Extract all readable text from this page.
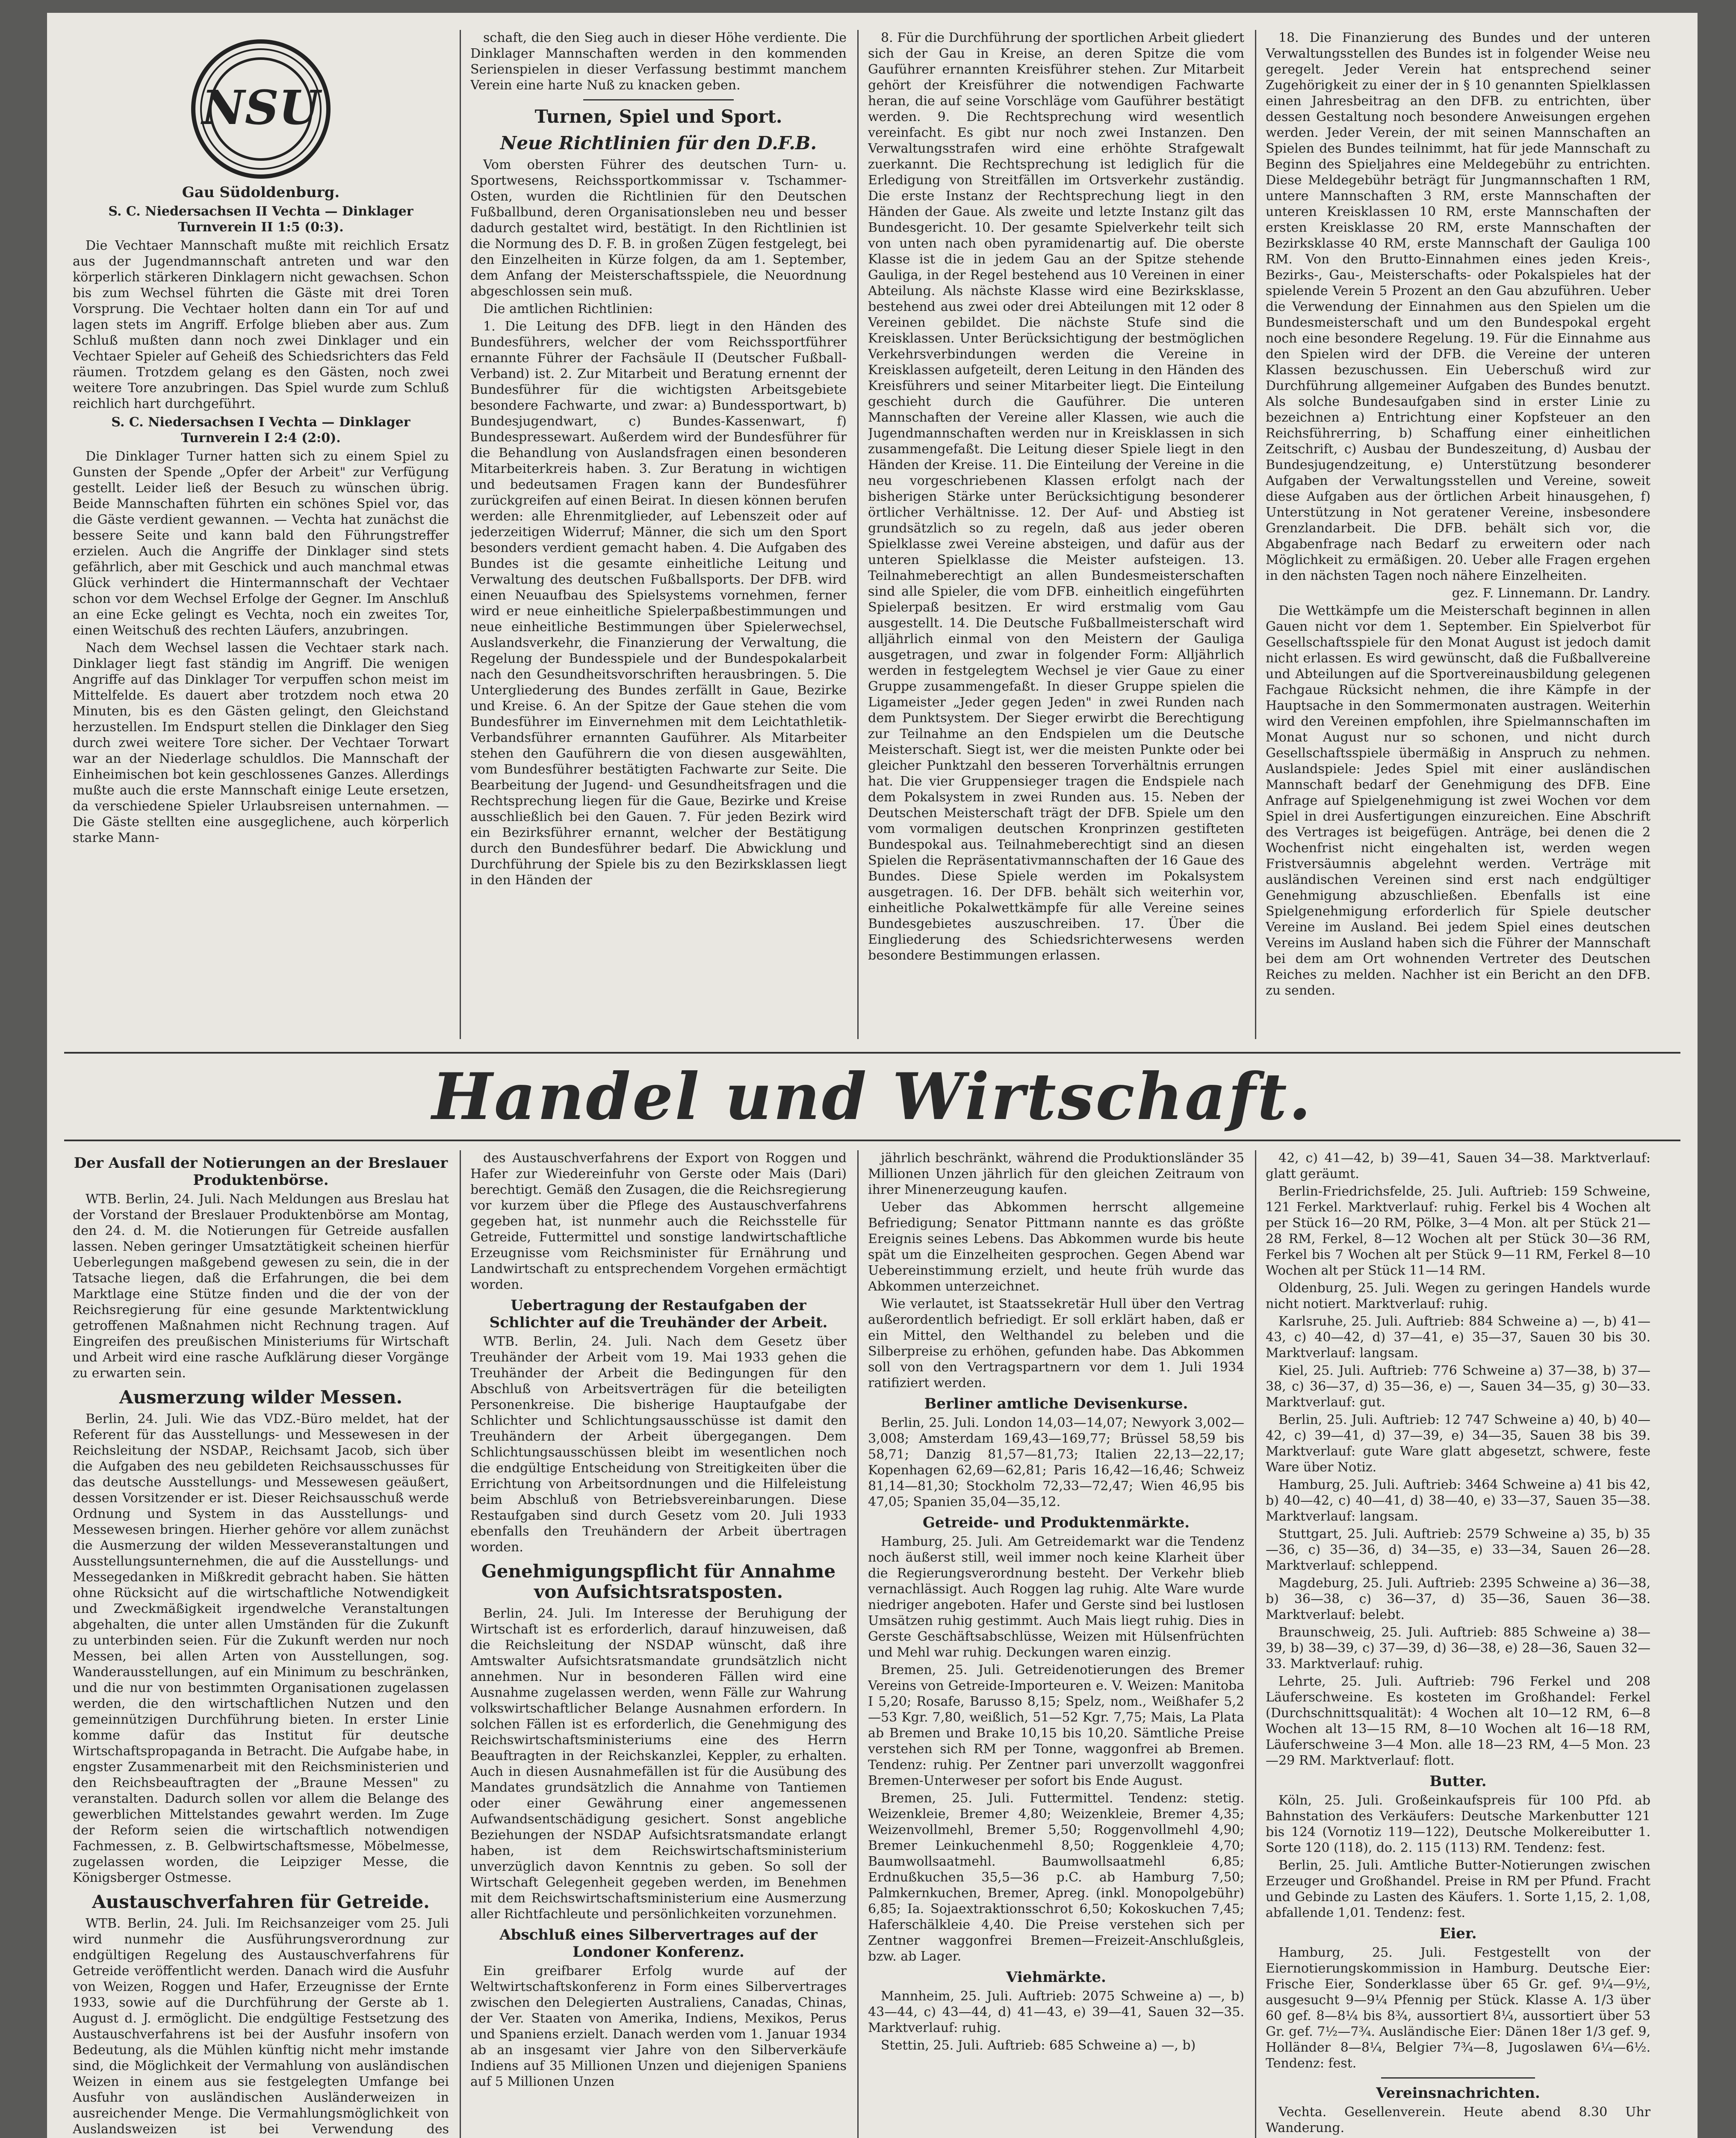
NSU
Gau Südoldenburg.

S. C. Niedersachsen II Vechta — Dinklager Turnverein II 1:5 (0:3).

Die Vechtaer Mannschaft mußte mit reichlich Ersatz aus der Jugendmannschaft antreten und war den körperlich stärkeren Dinklagern nicht gewachsen. Schon bis zum Wechsel führten die Gäste mit drei Toren Vorsprung. Die Vechtaer holten dann ein Tor auf und lagen stets im Angriff. Erfolge blieben aber aus. Zum Schluß mußten dann noch zwei Dinklager und ein Vechtaer Spieler auf Geheiß des Schiedsrichters das Feld räumen. Trotzdem gelang es den Gästen, noch zwei weitere Tore anzubringen. Das Spiel wurde zum Schluß reichlich hart durchgeführt.

S. C. Niedersachsen I Vechta — Dinklager Turnverein I 2:4 (2:0).

Die Dinklager Turner hatten sich zu einem Spiel zu Gunsten der Spende „Opfer der Arbeit" zur Verfügung gestellt. Leider ließ der Besuch zu wünschen übrig. Beide Mannschaften führten ein schönes Spiel vor, das die Gäste verdient gewannen. — Vechta hat zunächst die bessere Seite und kann bald den Führungstreffer erzielen. Auch die Angriffe der Dinklager sind stets gefährlich, aber mit Geschick und auch manchmal etwas Glück verhindert die Hintermannschaft der Vechtaer schon vor dem Wechsel Erfolge der Gegner. Im Anschluß an eine Ecke gelingt es Vechta, noch ein zweites Tor, einen Weitschuß des rechten Läufers, anzubringen.

Nach dem Wechsel lassen die Vechtaer stark nach. Dinklager liegt fast ständig im Angriff. Die wenigen Angriffe auf das Dinklager Tor verpuffen schon meist im Mittelfelde. Es dauert aber trotzdem noch etwa 20 Minuten, bis es den Gästen gelingt, den Gleichstand herzustellen. Im Endspurt stellen die Dinklager den Sieg durch zwei weitere Tore sicher. Der Vechtaer Torwart war an der Niederlage schuldlos. Die Mannschaft der Einheimischen bot kein geschlossenes Ganzes. Allerdings mußte auch die erste Mannschaft einige Leute ersetzen, da verschiedene Spieler Urlaubsreisen unternahmen. — Die Gäste stellten eine ausgeglichene, auch körperlich starke Mann-

schaft, die den Sieg auch in dieser Höhe verdiente. Die Dinklager Mannschaften werden in den kommenden Serienspielen in dieser Verfassung bestimmt manchem Verein eine harte Nuß zu knacken geben.

Turnen, Spiel und Sport.
Neue Richtlinien für den D.F.B.

Vom obersten Führer des deutschen Turn- u. Sportwesens, Reichssportkommissar v. Tschammer-Osten, wurden die Richtlinien für den Deutschen Fußballbund, deren Organisationsleben neu und besser dadurch gestaltet wird, bestätigt. In den Richtlinien ist die Normung des D. F. B. in großen Zügen festgelegt, bei den Einzelheiten in Kürze folgen, da am 1. September, dem Anfang der Meisterschaftsspiele, die Neuordnung abgeschlossen sein muß.

Die amtlichen Richtlinien:

1. Die Leitung des DFB. liegt in den Händen des Bundesführers, welcher der vom Reichssportführer ernannte Führer der Fachsäule II (Deutscher Fußball-Verband) ist. 2. Zur Mitarbeit und Beratung ernennt der Bundesführer für die wichtigsten Arbeitsgebiete besondere Fachwarte, und zwar: a) Bundessportwart, b) Bundesjugendwart, c) Bundes-Kassenwart, f) Bundespressewart. Außerdem wird der Bundesführer für die Behandlung von Auslandsfragen einen besonderen Mitarbeiterkreis haben. 3. Zur Beratung in wichtigen und bedeutsamen Fragen kann der Bundesführer zurückgreifen auf einen Beirat. In diesen können berufen werden: alle Ehrenmitglieder, auf Lebenszeit oder auf jederzeitigen Widerruf; Männer, die sich um den Sport besonders verdient gemacht haben. 4. Die Aufgaben des Bundes ist die gesamte einheitliche Leitung und Verwaltung des deutschen Fußballsports. Der DFB. wird einen Neuaufbau des Spielsystems vornehmen, ferner wird er neue einheitliche Spielerpaßbestimmungen und neue einheitliche Bestimmungen über Spielerwechsel, Auslandsverkehr, die Finanzierung der Verwaltung, die Regelung der Bundesspiele und der Bundespokalarbeit nach den Gesundheitsvorschriften herausbringen. 5. Die Untergliederung des Bundes zerfällt in Gaue, Bezirke und Kreise. 6. An der Spitze der Gaue stehen die vom Bundesführer im Einvernehmen mit dem Leichtathletik-Verbandsführer ernannten Gauführer. Als Mitarbeiter stehen den Gauführern die von diesen ausgewählten, vom Bundesführer bestätigten Fachwarte zur Seite. Die Bearbeitung der Jugend- und Gesundheitsfragen und die Rechtsprechung liegen für die Gaue, Bezirke und Kreise ausschließlich bei den Gauen. 7. Für jeden Bezirk wird ein Bezirksführer ernannt, welcher der Bestätigung durch den Bundesführer bedarf. Die Abwicklung und Durchführung der Spiele bis zu den Bezirksklassen liegt in den Händen der

8. Für die Durchführung der sportlichen Arbeit gliedert sich der Gau in Kreise, an deren Spitze die vom Gauführer ernannten Kreisführer stehen. Zur Mitarbeit gehört der Kreisführer die notwendigen Fachwarte heran, die auf seine Vorschläge vom Gauführer bestätigt werden. 9. Die Rechtsprechung wird wesentlich vereinfacht. Es gibt nur noch zwei Instanzen. Den Verwaltungsstrafen wird eine erhöhte Strafgewalt zuerkannt. Die Rechtsprechung ist lediglich für die Erledigung von Streitfällen im Ortsverkehr zuständig. Die erste Instanz der Rechtsprechung liegt in den Händen der Gaue. Als zweite und letzte Instanz gilt das Bundesgericht. 10. Der gesamte Spielverkehr teilt sich von unten nach oben pyramidenartig auf. Die oberste Klasse ist die in jedem Gau an der Spitze stehende Gauliga, in der Regel bestehend aus 10 Vereinen in einer Abteilung. Als nächste Klasse wird eine Bezirksklasse, bestehend aus zwei oder drei Abteilungen mit 12 oder 8 Vereinen gebildet. Die nächste Stufe sind die Kreisklassen. Unter Berücksichtigung der bestmöglichen Verkehrsverbindungen werden die Vereine in Kreisklassen aufgeteilt, deren Leitung in den Händen des Kreisführers und seiner Mitarbeiter liegt. Die Einteilung geschieht durch die Gauführer. Die unteren Mannschaften der Vereine aller Klassen, wie auch die Jugendmannschaften werden nur in Kreisklassen in sich zusammengefaßt. Die Leitung dieser Spiele liegt in den Händen der Kreise. 11. Die Einteilung der Vereine in die neu vorgeschriebenen Klassen erfolgt nach der bisherigen Stärke unter Berücksichtigung besonderer örtlicher Verhältnisse. 12. Der Auf- und Abstieg ist grundsätzlich so zu regeln, daß aus jeder oberen Spielklasse zwei Vereine absteigen, und dafür aus der unteren Spielklasse die Meister aufsteigen. 13. Teilnahmeberechtigt an allen Bundesmeisterschaften sind alle Spieler, die vom DFB. einheitlich eingeführten Spielerpaß besitzen. Er wird erstmalig vom Gau ausgestellt. 14. Die Deutsche Fußballmeisterschaft wird alljährlich einmal von den Meistern der Gauliga ausgetragen, und zwar in folgender Form: Alljährlich werden in festgelegtem Wechsel je vier Gaue zu einer Gruppe zusammengefaßt. In dieser Gruppe spielen die Ligameister „Jeder gegen Jeden" in zwei Runden nach dem Punktsystem. Der Sieger erwirbt die Berechtigung zur Teilnahme an den Endspielen um die Deutsche Meisterschaft. Siegt ist, wer die meisten Punkte oder bei gleicher Punktzahl den besseren Torverhältnis errungen hat. Die vier Gruppensieger tragen die Endspiele nach dem Pokalsystem in zwei Runden aus. 15. Neben der Deutschen Meisterschaft trägt der DFB. Spiele um den vom vormaligen deutschen Kronprinzen gestifteten Bundespokal aus. Teilnahmeberechtigt sind an diesen Spielen die Repräsentativmannschaften der 16 Gaue des Bundes. Diese Spiele werden im Pokalsystem ausgetragen. 16. Der DFB. behält sich weiterhin vor, einheitliche Pokalwettkämpfe für alle Vereine seines Bundesgebietes auszuschreiben. 17. Über die Eingliederung des Schiedsrichterwesens werden besondere Bestimmungen erlassen.

18. Die Finanzierung des Bundes und der unteren Verwaltungsstellen des Bundes ist in folgender Weise neu geregelt. Jeder Verein hat entsprechend seiner Zugehörigkeit zu einer der in § 10 genannten Spielklassen einen Jahresbeitrag an den DFB. zu entrichten, über dessen Gestaltung noch besondere Anweisungen ergehen werden. Jeder Verein, der mit seinen Mannschaften an Spielen des Bundes teilnimmt, hat für jede Mannschaft zu Beginn des Spieljahres eine Meldegebühr zu entrichten. Diese Meldegebühr beträgt für Jungmannschaften 1 RM, untere Mannschaften 3 RM, erste Mannschaften der unteren Kreisklassen 10 RM, erste Mannschaften der ersten Kreisklasse 20 RM, erste Mannschaften der Bezirksklasse 40 RM, erste Mannschaft der Gauliga 100 RM. Von den Brutto-Einnahmen eines jeden Kreis-, Bezirks-, Gau-, Meisterschafts- oder Pokalspieles hat der spielende Verein 5 Prozent an den Gau abzuführen. Ueber die Verwendung der Einnahmen aus den Spielen um die Bundesmeisterschaft und um den Bundespokal ergeht noch eine besondere Regelung. 19. Für die Einnahme aus den Spielen wird der DFB. die Vereine der unteren Klassen bezuschussen. Ein Ueberschuß wird zur Durchführung allgemeiner Aufgaben des Bundes benutzt. Als solche Bundesaufgaben sind in erster Linie zu bezeichnen a) Entrichtung einer Kopfsteuer an den Reichsführerring, b) Schaffung einer einheitlichen Zeitschrift, c) Ausbau der Bundeszeitung, d) Ausbau der Bundesjugendzeitung, e) Unterstützung besonderer Aufgaben der Verwaltungsstellen und Vereine, soweit diese Aufgaben aus der örtlichen Arbeit hinausgehen, f) Unterstützung in Not geratener Vereine, insbesondere Grenzlandarbeit. Die DFB. behält sich vor, die Abgabenfrage nach Bedarf zu erweitern oder nach Möglichkeit zu ermäßigen. 20. Ueber alle Fragen ergehen in den nächsten Tagen noch nähere Einzelheiten.

gez. F. Linnemann. Dr. Landry.

Die Wettkämpfe um die Meisterschaft beginnen in allen Gauen nicht vor dem 1. September. Ein Spielverbot für Gesellschaftsspiele für den Monat August ist jedoch damit nicht erlassen. Es wird gewünscht, daß die Fußballvereine und Abteilungen auf die Sportvereinausbildung gelegenen Fachgaue Rücksicht nehmen, die ihre Kämpfe in der Hauptsache in den Sommermonaten austragen. Weiterhin wird den Vereinen empfohlen, ihre Spielmannschaften im Monat August nur so schonen, und nicht durch Gesellschaftsspiele übermäßig in Anspruch zu nehmen. Auslandspiele: Jedes Spiel mit einer ausländischen Mannschaft bedarf der Genehmigung des DFB. Eine Anfrage auf Spielgenehmigung ist zwei Wochen vor dem Spiel in drei Ausfertigungen einzureichen. Eine Abschrift des Vertrages ist beigefügen. Anträge, bei denen die 2 Wochenfrist nicht eingehalten ist, werden wegen Fristversäumnis abgelehnt werden. Verträge mit ausländischen Vereinen sind erst nach endgültiger Genehmigung abzuschließen. Ebenfalls ist eine Spielgenehmigung erforderlich für Spiele deutscher Vereine im Ausland. Bei jedem Spiel eines deutschen Vereins im Ausland haben sich die Führer der Mannschaft bei dem am Ort wohnenden Vertreter des Deutschen Reiches zu melden. Nachher ist ein Bericht an den DFB. zu senden.

Handel und Wirtschaft.
Der Ausfall der Notierungen an der Breslauer Produktenbörse.

WTB. Berlin, 24. Juli. Nach Meldungen aus Breslau hat der Vorstand der Breslauer Produktenbörse am Montag, den 24. d. M. die Notierungen für Getreide ausfallen lassen. Neben geringer Umsatztätigkeit scheinen hierfür Ueberlegungen maßgebend gewesen zu sein, die in der Tatsache liegen, daß die Erfahrungen, die bei dem Marktlage eine Stütze finden und die der von der Reichsregierung für eine gesunde Marktentwicklung getroffenen Maßnahmen nicht Rechnung tragen. Auf Eingreifen des preußischen Ministeriums für Wirtschaft und Arbeit wird eine rasche Aufklärung dieser Vorgänge zu erwarten sein.

Ausmerzung wilder Messen.

Berlin, 24. Juli. Wie das VDZ.-Büro meldet, hat der Referent für das Ausstellungs- und Messewesen in der Reichsleitung der NSDAP., Reichsamt Jacob, sich über die Aufgaben des neu gebildeten Reichsausschusses für das deutsche Ausstellungs- und Messewesen geäußert, dessen Vorsitzender er ist. Dieser Reichsausschuß werde Ordnung und System in das Ausstellungs- und Messewesen bringen. Hierher gehöre vor allem zunächst die Ausmerzung der wilden Messeveranstaltungen und Ausstellungsunternehmen, die auf die Ausstellungs- und Messegedanken in Mißkredit gebracht haben. Sie hätten ohne Rücksicht auf die wirtschaftliche Notwendigkeit und Zweckmäßigkeit irgendwelche Veranstaltungen abgehalten, die unter allen Umständen für die Zukunft zu unterbinden seien. Für die Zukunft werden nur noch Messen, bei allen Arten von Ausstellungen, sog. Wanderausstellungen, auf ein Minimum zu beschränken, und die nur von bestimmten Organisationen zugelassen werden, die den wirtschaftlichen Nutzen und den gemeinnützigen Durchführung bieten. In erster Linie komme dafür das Institut für deutsche Wirtschaftspropaganda in Betracht. Die Aufgabe habe, in engster Zusammenarbeit mit den Reichsministerien und den Reichsbeauftragten der „Braune Messen" zu veranstalten. Dadurch sollen vor allem die Belange des gewerblichen Mittelstandes gewahrt werden. Im Zuge der Reform seien die wirtschaftlich notwendigen Fachmessen, z. B. Gelbwirtschaftsmesse, Möbelmesse, zugelassen worden, die Leipziger Messe, die Königsberger Ostmesse.

Austauschverfahren für Getreide.

WTB. Berlin, 24. Juli. Im Reichsanzeiger vom 25. Juli wird nunmehr die Ausführungsverordnung zur endgültigen Regelung des Austauschverfahrens für Getreide veröffentlicht werden. Danach wird die Ausfuhr von Weizen, Roggen und Hafer, Erzeugnisse der Ernte 1933, sowie auf die Durchführung der Gerste ab 1. August d. J. ermöglicht. Die endgültige Festsetzung des Austauschverfahrens ist bei der Ausfuhr insofern von Bedeutung, als die Mühlen künftig nicht mehr imstande sind, die Möglichkeit der Vermahlung von ausländischen Weizen in einem aus sie festgelegten Umfange bei Ausfuhr von ausländischen Ausländerweizen in ausreichender Menge. Die Vermahlungsmöglichkeit von Auslandsweizen ist bei Verwendung des

des Austauschverfahrens der Export von Roggen und Hafer zur Wiedereinfuhr von Gerste oder Mais (Dari) berechtigt. Gemäß den Zusagen, die die Reichsregierung vor kurzem über die Pflege des Austauschverfahrens gegeben hat, ist nunmehr auch die Reichsstelle für Getreide, Futtermittel und sonstige landwirtschaftliche Erzeugnisse vom Reichsminister für Ernährung und Landwirtschaft zu entsprechendem Vorgehen ermächtigt worden.

Uebertragung der Restaufgaben der Schlichter auf die Treuhänder der Arbeit.

WTB. Berlin, 24. Juli. Nach dem Gesetz über Treuhänder der Arbeit vom 19. Mai 1933 gehen die Treuhänder der Arbeit die Bedingungen für den Abschluß von Arbeitsverträgen für die beteiligten Personenkreise. Die bisherige Hauptaufgabe der Schlichter und Schlichtungsausschüsse ist damit den Treuhändern der Arbeit übergegangen. Dem Schlichtungsausschüssen bleibt im wesentlichen noch die endgültige Entscheidung von Streitigkeiten über die Errichtung von Arbeitsordnungen und die Hilfeleistung beim Abschluß von Betriebsvereinbarungen. Diese Restaufgaben sind durch Gesetz vom 20. Juli 1933 ebenfalls den Treuhändern der Arbeit übertragen worden.

Genehmigungspflicht für Annahme von Aufsichtsratsposten.

Berlin, 24. Juli. Im Interesse der Beruhigung der Wirtschaft ist es erforderlich, darauf hinzuweisen, daß die Reichsleitung der NSDAP wünscht, daß ihre Amtswalter Aufsichtsratsmandate grundsätzlich nicht annehmen. Nur in besonderen Fällen wird eine Ausnahme zugelassen werden, wenn Fälle zur Wahrung volkswirtschaftlicher Belange Ausnahmen erfordern. In solchen Fällen ist es erforderlich, die Genehmigung des Reichswirtschaftsministeriums eine des Herrn Beauftragten in der Reichskanzlei, Keppler, zu erhalten. Auch in diesen Ausnahmefällen ist für die Ausübung des Mandates grundsätzlich die Annahme von Tantiemen oder einer Gewährung einer angemessenen Aufwandsentschädigung gesichert. Sonst angebliche Beziehungen der NSDAP Aufsichtsratsmandate erlangt haben, ist dem Reichswirtschaftsministerium unverzüglich davon Kenntnis zu geben. So soll der Wirtschaft Gelegenheit gegeben werden, im Benehmen mit dem Reichswirtschaftsministerium eine Ausmerzung aller Richtfachleute und persönlichkeiten vorzunehmen.

Abschluß eines Silbervertrages auf der Londoner Konferenz.

Ein greifbarer Erfolg wurde auf der Weltwirtschaftskonferenz in Form eines Silbervertrages zwischen den Delegierten Australiens, Canadas, Chinas, der Ver. Staaten von Amerika, Indiens, Mexikos, Perus und Spaniens erzielt. Danach werden vom 1. Januar 1934 ab an insgesamt vier Jahre von den Silberverkäufe Indiens auf 35 Millionen Unzen und diejenigen Spaniens auf 5 Millionen Unzen

jährlich beschränkt, während die Produktionsländer 35 Millionen Unzen jährlich für den gleichen Zeitraum von ihrer Minenerzeugung kaufen.

Ueber das Abkommen herrscht allgemeine Befriedigung; Senator Pittmann nannte es das größte Ereignis seines Lebens. Das Abkommen wurde bis heute spät um die Einzelheiten gesprochen. Gegen Abend war Uebereinstimmung erzielt, und heute früh wurde das Abkommen unterzeichnet.

Wie verlautet, ist Staatssekretär Hull über den Vertrag außerordentlich befriedigt. Er soll erklärt haben, daß er ein Mittel, den Welthandel zu beleben und die Silberpreise zu erhöhen, gefunden habe. Das Abkommen soll von den Vertragspartnern vor dem 1. Juli 1934 ratifiziert werden.

Berliner amtliche Devisenkurse.

Berlin, 25. Juli. London 14,03—14,07; Newyork 3,002—3,008; Amsterdam 169,43—169,77; Brüssel 58,59 bis 58,71; Danzig 81,57—81,73; Italien 22,13—22,17; Kopenhagen 62,69—62,81; Paris 16,42—16,46; Schweiz 81,14—81,30; Stockholm 72,33—72,47; Wien 46,95 bis 47,05; Spanien 35,04—35,12.

Getreide- und Produktenmärkte.

Hamburg, 25. Juli. Am Getreidemarkt war die Tendenz noch äußerst still, weil immer noch keine Klarheit über die Regierungsverordnung besteht. Der Verkehr blieb vernachlässigt. Auch Roggen lag ruhig. Alte Ware wurde niedriger angeboten. Hafer und Gerste sind bei lustlosen Umsätzen ruhig gestimmt. Auch Mais liegt ruhig. Dies in Gerste Geschäftsabschlüsse, Weizen mit Hülsenfrüchten und Mehl war ruhig. Deckungen waren einzig.

Bremen, 25. Juli. Getreidenotierungen des Bremer Vereins von Getreide-Importeuren e. V. Weizen: Manitoba I 5,20; Rosafe, Barusso 8,15; Spelz, nom., Weißhafer 5,2—53 Kgr. 7,80, weißlich, 51—52 Kgr. 7,75; Mais, La Plata ab Bremen und Brake 10,15 bis 10,20. Sämtliche Preise verstehen sich RM per Tonne, waggonfrei ab Bremen. Tendenz: ruhig. Per Zentner pari unverzollt waggonfrei Bremen-Unterweser per sofort bis Ende August.

Bremen, 25. Juli. Futtermittel. Tendenz: stetig. Weizenkleie, Bremer 4,80; Weizenkleie, Bremer 4,35; Weizenvollmehl, Bremer 5,50; Roggenvollmehl 4,90; Bremer Leinkuchenmehl 8,50; Roggenkleie 4,70; Baumwollsaatmehl. Baumwollsaatmehl 6,85; Erdnußkuchen 35,5—36 p.C. ab Hamburg 7,50; Palmkernkuchen, Bremer, Apreg. (inkl. Monopolgebühr) 6,85; Ia. Sojaextraktionsschrot 6,50; Kokoskuchen 7,45; Haferschälkleie 4,40. Die Preise verstehen sich per Zentner waggonfrei Bremen—Freizeit-Anschlußgleis, bzw. ab Lager.

Viehmärkte.

Mannheim, 25. Juli. Auftrieb: 2075 Schweine a) —, b) 43—44, c) 43—44, d) 41—43, e) 39—41, Sauen 32—35. Marktverlauf: ruhig.

Stettin, 25. Juli. Auftrieb: 685 Schweine a) —, b)

42, c) 41—42, b) 39—41, Sauen 34—38. Marktverlauf: glatt geräumt.

Berlin-Friedrichsfelde, 25. Juli. Auftrieb: 159 Schweine, 121 Ferkel. Marktverlauf: ruhig. Ferkel bis 4 Wochen alt per Stück 16—20 RM, Pölke, 3—4 Mon. alt per Stück 21—28 RM, Ferkel, 8—12 Wochen alt per Stück 30—36 RM, Ferkel bis 7 Wochen alt per Stück 9—11 RM, Ferkel 8—10 Wochen alt per Stück 11—14 RM.

Oldenburg, 25. Juli. Wegen zu geringen Handels wurde nicht notiert. Marktverlauf: ruhig.

Karlsruhe, 25. Juli. Auftrieb: 884 Schweine a) —, b) 41—43, c) 40—42, d) 37—41, e) 35—37, Sauen 30 bis 30. Marktverlauf: langsam.

Kiel, 25. Juli. Auftrieb: 776 Schweine a) 37—38, b) 37—38, c) 36—37, d) 35—36, e) —, Sauen 34—35, g) 30—33. Marktverlauf: gut.

Berlin, 25. Juli. Auftrieb: 12 747 Schweine a) 40, b) 40—42, c) 39—41, d) 37—39, e) 34—35, Sauen 38 bis 39. Marktverlauf: gute Ware glatt abgesetzt, schwere, feste Ware über Notiz.

Hamburg, 25. Juli. Auftrieb: 3464 Schweine a) 41 bis 42, b) 40—42, c) 40—41, d) 38—40, e) 33—37, Sauen 35—38. Marktverlauf: langsam.

Stuttgart, 25. Juli. Auftrieb: 2579 Schweine a) 35, b) 35—36, c) 35—36, d) 34—35, e) 33—34, Sauen 26—28. Marktverlauf: schleppend.

Magdeburg, 25. Juli. Auftrieb: 2395 Schweine a) 36—38, b) 36—38, c) 36—37, d) 35—36, Sauen 36—38. Marktverlauf: belebt.

Braunschweig, 25. Juli. Auftrieb: 885 Schweine a) 38—39, b) 38—39, c) 37—39, d) 36—38, e) 28—36, Sauen 32—33. Marktverlauf: ruhig.

Lehrte, 25. Juli. Auftrieb: 796 Ferkel und 208 Läuferschweine. Es kosteten im Großhandel: Ferkel (Durchschnittsqualität): 4 Wochen alt 10—12 RM, 6—8 Wochen alt 13—15 RM, 8—10 Wochen alt 16—18 RM, Läuferschweine 3—4 Mon. alle 18—23 RM, 4—5 Mon. 23—29 RM. Marktverlauf: flott.

Butter.

Köln, 25. Juli. Großeinkaufspreis für 100 Pfd. ab Bahnstation des Verkäufers: Deutsche Markenbutter 121 bis 124 (Vornotiz 119—122), Deutsche Molkereibutter 1. Sorte 120 (118), do. 2. 115 (113) RM. Tendenz: fest.

Berlin, 25. Juli. Amtliche Butter-Notierungen zwischen Erzeuger und Großhandel. Preise in RM per Pfund. Fracht und Gebinde zu Lasten des Käufers. 1. Sorte 1,15, 2. 1,08, abfallende 1,01. Tendenz: fest.

Eier.

Hamburg, 25. Juli. Festgestellt von der Eiernotierungskommission in Hamburg. Deutsche Eier: Frische Eier, Sonderklasse über 65 Gr. gef. 9¼—9½, ausgesucht 9—9¼ Pfennig per Stück. Klasse A. 1/3 über 60 gef. 8—8¼ bis 8¾, aussortiert 8¼, aussortiert über 53 Gr. gef. 7½—7¾. Ausländische Eier: Dänen 18er 1/3 gef. 9, Holländer 8—8¼, Belgier 7¾—8, Jugoslawen 6¼—6½. Tendenz: fest.

Vereinsnachrichten.

Vechta. Gesellenverein. Heute abend 8.30 Uhr Wanderung.
